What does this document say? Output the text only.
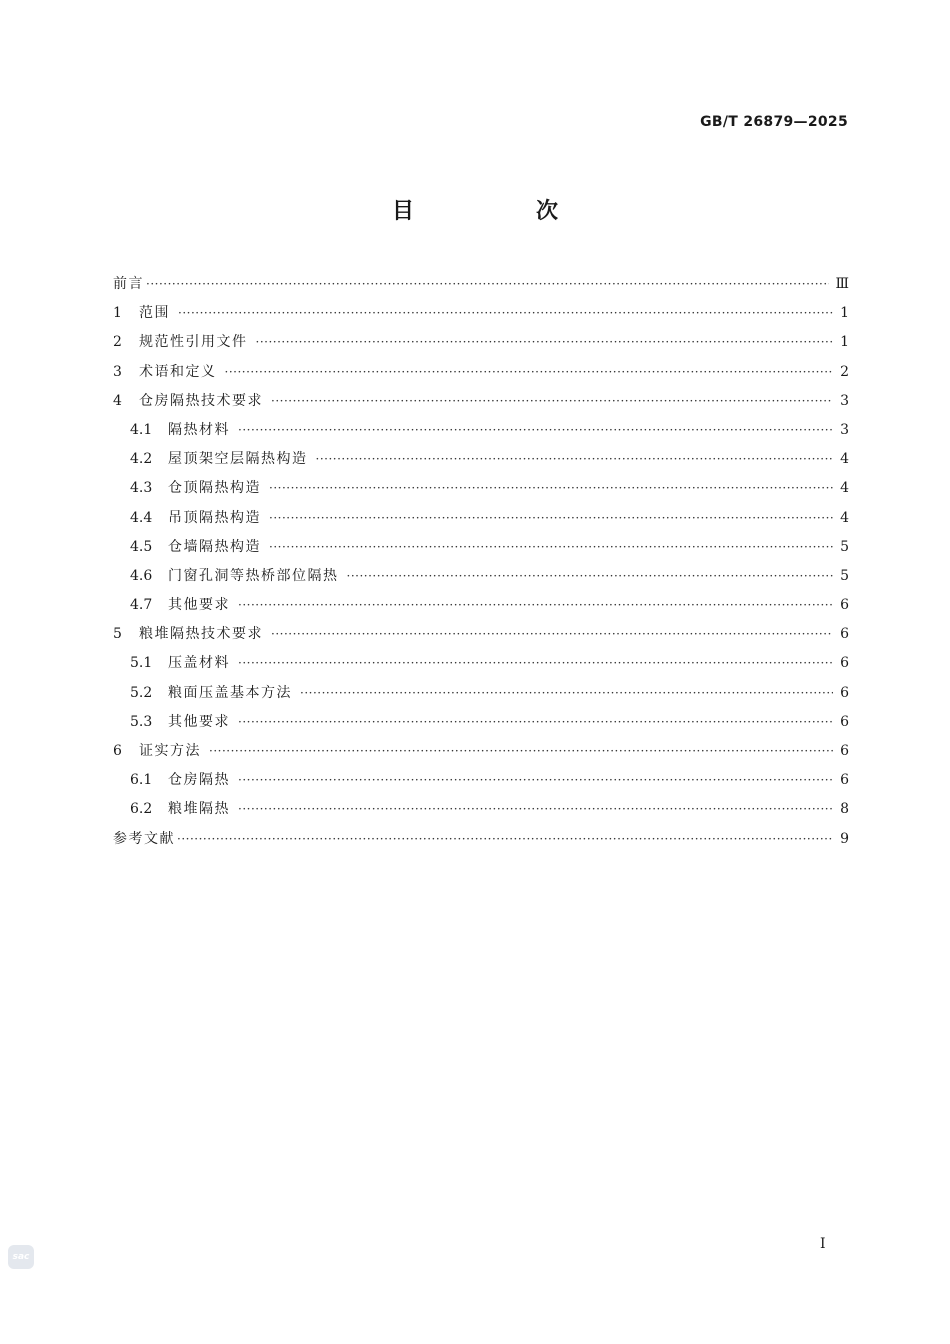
GB/T 26879—2025
目　次
前言 ·····	Ⅲ
1	范围 ·····	1
2	规范性引用文件 ·····	1
3	术语和定义 ·····	2
4	仓房隔热技术要求 ·····	3
4.1	隔热材料 ·····	3
4.2	屋顶架空层隔热构造 ·····	4
4.3	仓顶隔热构造 ·····	4
4.4	吊顶隔热构造 ·····	4
4.5	仓墙隔热构造 ·····	5
4.6	门窗孔洞等热桥部位隔热 ·····	5
4.7	其他要求 ·····	6
5	粮堆隔热技术要求 ·····	6
5.1	压盖材料 ·····	6
5.2	粮面压盖基本方法 ·····	6
5.3	其他要求 ·····	6
6	证实方法 ·····	6
6.1	仓房隔热 ·····	6
6.2	粮堆隔热 ·····	8
参考文献 ·····	9
Ⅰ
sac
